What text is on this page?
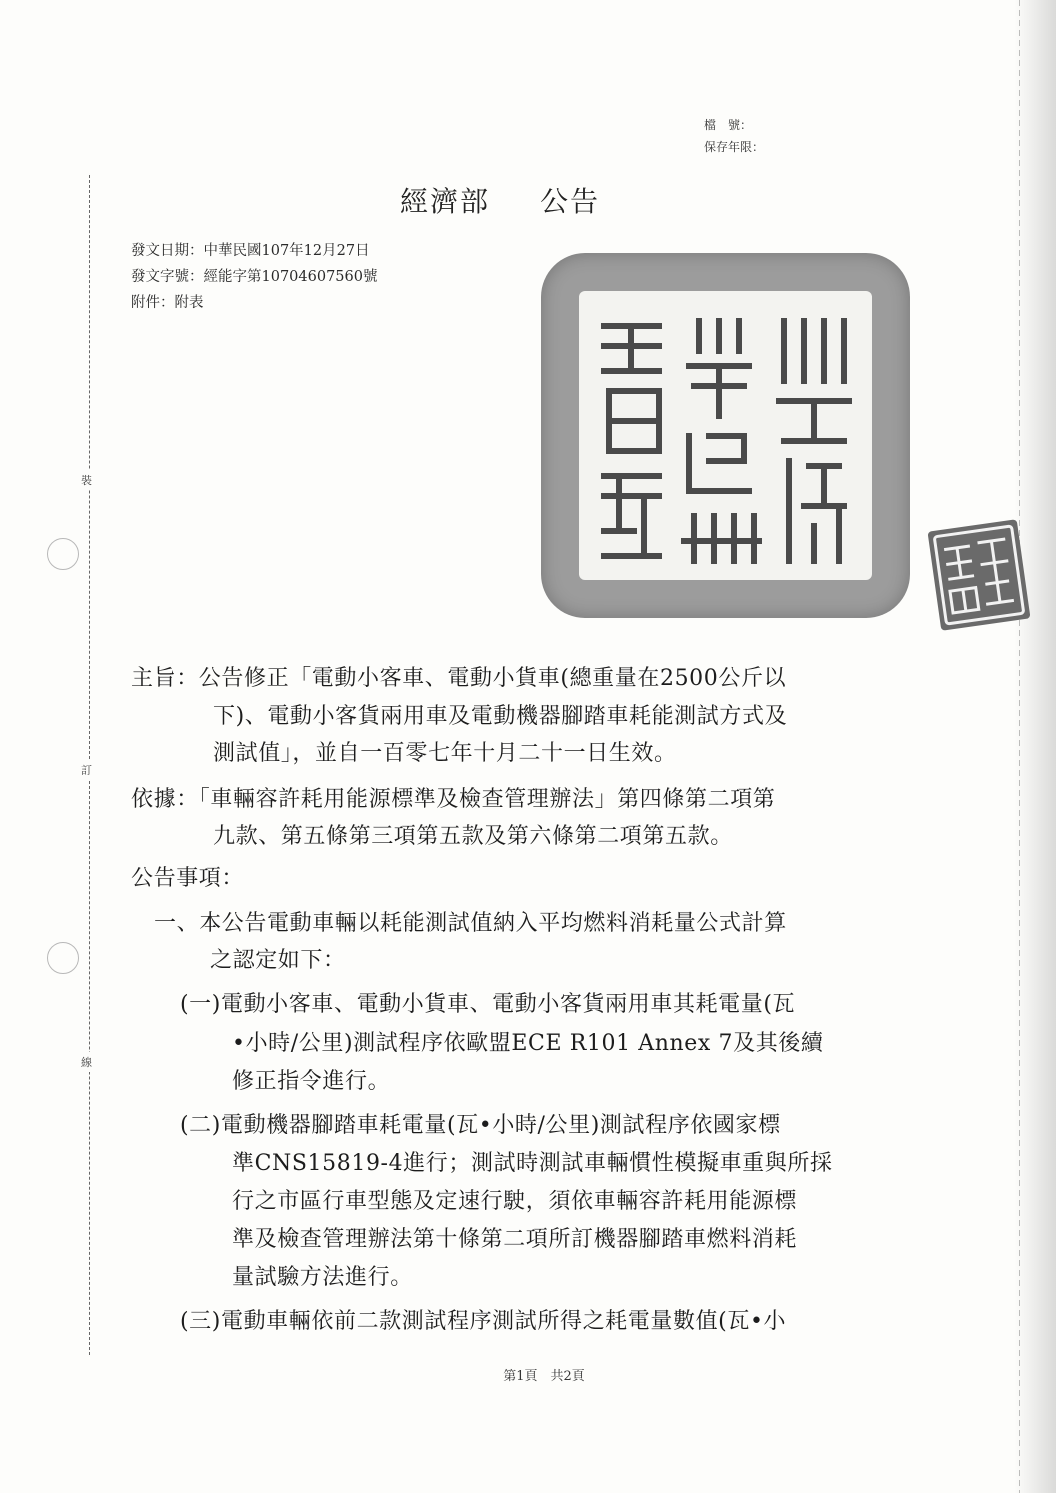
裝
訂
線
檔　號：
保存年限：
經濟部 公告
發文日期：中華民國107年12月27日
發文字號：經能字第10704607560號
附件：附表
主旨：公告修正「電動小客車、電動小貨車(總重量在2500公斤以
下)、電動小客貨兩用車及電動機器腳踏車耗能測試方式及
測試值」，並自一百零七年十月二十一日生效。
依據：「車輛容許耗用能源標準及檢查管理辦法」第四條第二項第
九款、第五條第三項第五款及第六條第二項第五款。
公告事項：
一、本公告電動車輛以耗能測試值納入平均燃料消耗量公式計算
之認定如下：
(一)電動小客車、電動小貨車、電動小客貨兩用車其耗電量(瓦
•小時/公里)測試程序依歐盟ECE R101 Annex 7及其後續
修正指令進行。
(二)電動機器腳踏車耗電量(瓦•小時/公里)測試程序依國家標
準CNS15819-4進行；測試時測試車輛慣性模擬車重與所採
行之市區行車型態及定速行駛，須依車輛容許耗用能源標
準及檢查管理辦法第十條第二項所訂機器腳踏車燃料消耗
量試驗方法進行。
(三)電動車輛依前二款測試程序測試所得之耗電量數值(瓦•小
第1頁　共2頁
